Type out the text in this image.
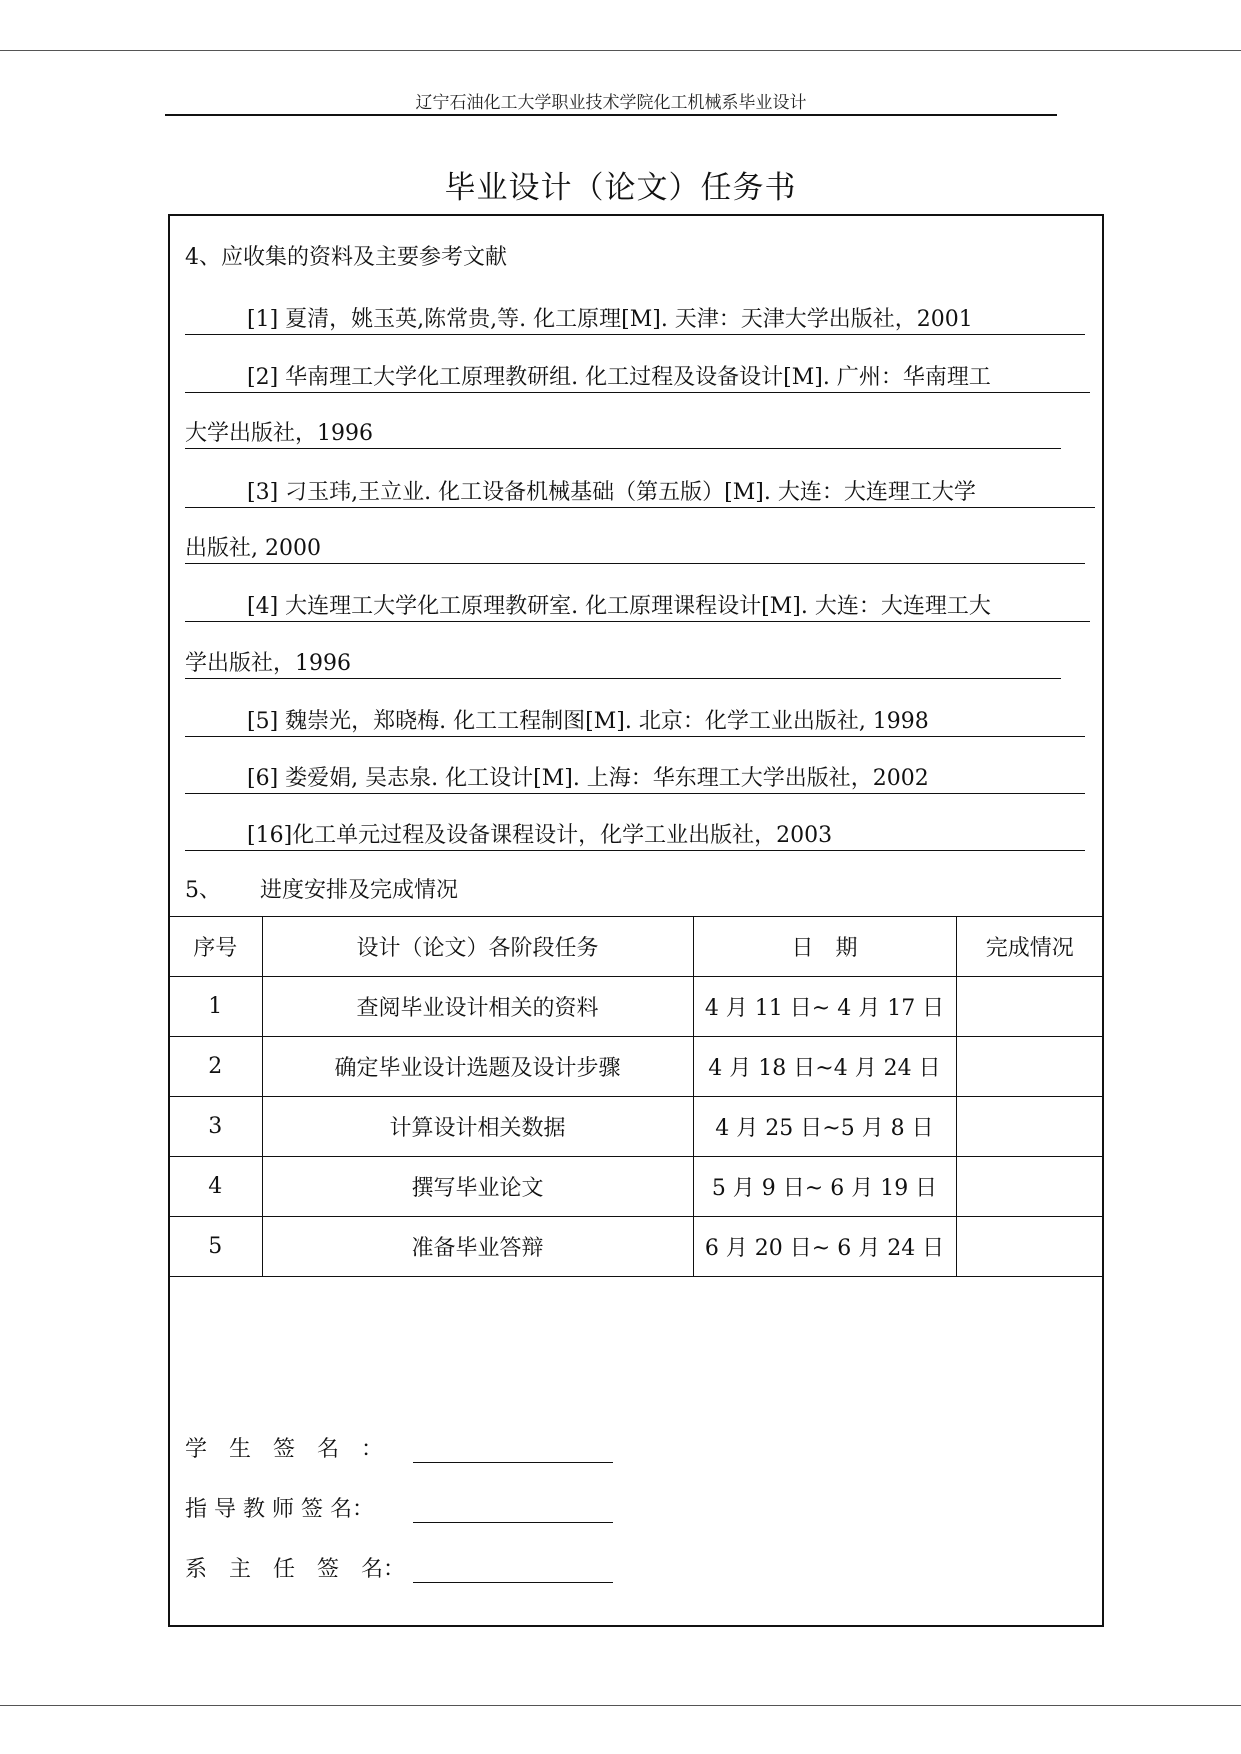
辽宁石油化工大学职业技术学院化工机械系毕业设计
毕业设计（论文）任务书
4、应收集的资料及主要参考文献
[1] 夏清，姚玉英,陈常贵,等. 化工原理[M]. 天津：天津大学出版社，2001
[2] 华南理工大学化工原理教研组. 化工过程及设备设计[M]. 广州：华南理工
大学出版社，1996
[3] 刁玉玮,王立业. 化工设备机械基础（第五版）[M]. 大连：大连理工大学
出版社, 2000
[4] 大连理工大学化工原理教研室. 化工原理课程设计[M]. 大连：大连理工大
学出版社，1996
[5] 魏崇光，郑晓梅. 化工工程制图[M]. 北京：化学工业出版社, 1998
[6] 娄爱娟, 吴志泉. 化工设计[M]. 上海：华东理工大学出版社，2002
[16]化工单元过程及设备课程设计，化学工业出版社，2003
5、 进度安排及完成情况
序号	设计（论文）各阶段任务	日　期	完成情况
1	查阅毕业设计相关的资料	4 月 11 日~ 4 月 17 日	
2	确定毕业设计选题及设计步骤	4 月 18 日~4 月 24 日	
3	计算设计相关数据	4 月 25 日~5 月 8 日	
4	撰写毕业论文	5 月 9 日~ 6 月 19 日	
5	准备毕业答辩	6 月 20 日~ 6 月 24 日	
学　生　签　名　：
指 导 教 师 签 名：
系　主　任　签　名：
